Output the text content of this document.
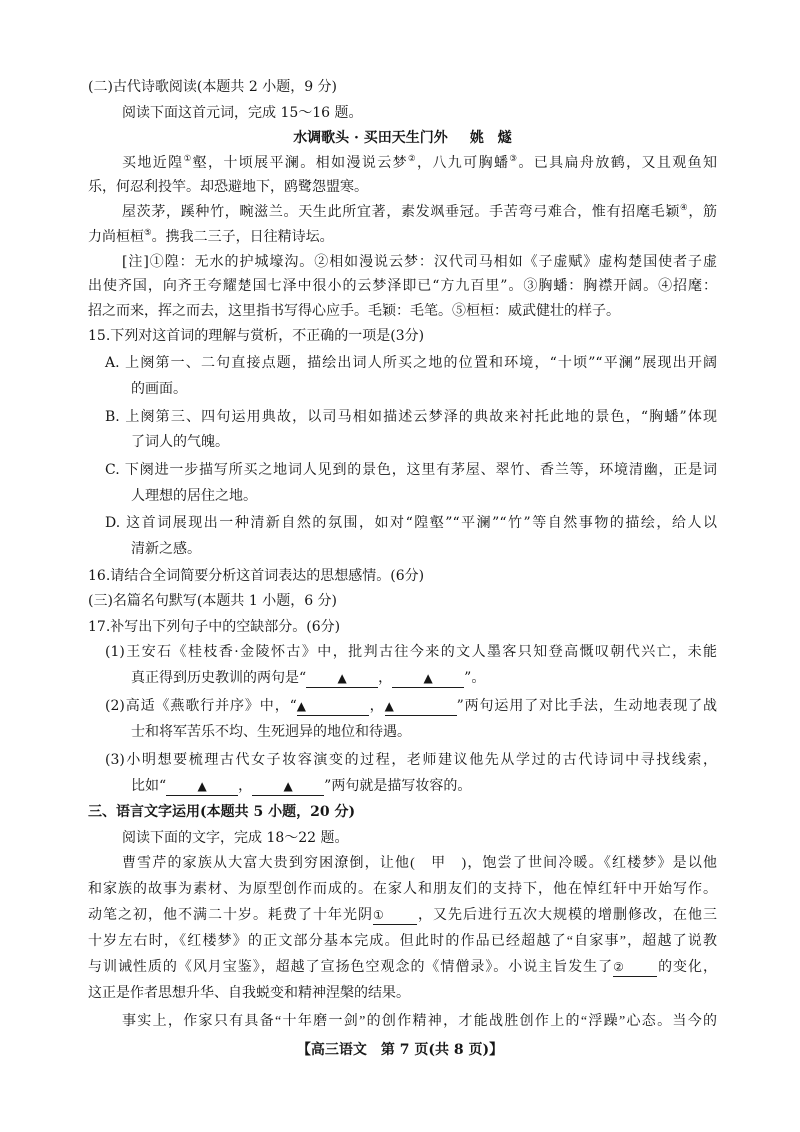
(二)古代诗歌阅读(本题共 2 小题，9 分)
阅读下面这首元词，完成 15～16 题。
水调歌头 · 买田天生门外 姚　燧
买地近隍①壑，十顷展平澜。相如漫说云梦②，八九可胸蟠③。已具扁舟放鹤，又且观鱼知
乐，何忍利投竿。却恐避地下，鸥鹭怨盟寒。
屋茨茅，蹊种竹，畹滋兰。天生此所宜著，素发飒垂冠。手苦弯弓难合，惟有招麾毛颖④，筋
力尚桓桓⑤。携我二三子，日往精诗坛。
[注]①隍：无水的护城壕沟。②相如漫说云梦：汉代司马相如《子虚赋》虚构楚国使者子虚
出使齐国，向齐王夸耀楚国七泽中很小的云梦泽即已“方九百里”。③胸蟠：胸襟开阔。④招麾：
招之而来，挥之而去，这里指书写得心应手。毛颖：毛笔。⑤桓桓：威武健壮的样子。
15.下列对这首词的理解与赏析，不正确的一项是(3分)
A. 上阕第一、二句直接点题，描绘出词人所买之地的位置和环境，“十顷”“平澜”展现出开阔
的画面。
B. 上阕第三、四句运用典故，以司马相如描述云梦泽的典故来衬托此地的景色，“胸蟠”体现
了词人的气魄。
C. 下阕进一步描写所买之地词人见到的景色，这里有茅屋、翠竹、香兰等，环境清幽，正是词
人理想的居住之地。
D. 这首词展现出一种清新自然的氛围，如对“隍壑”“平澜”“竹”等自然事物的描绘，给人以
清新之感。
16.请结合全词简要分析这首词表达的思想感情。(6分)
(三)名篇名句默写(本题共 1 小题，6 分)
17.补写出下列句子中的空缺部分。(6分)
(1)王安石《桂枝香·金陵怀古》中，批判古往今来的文人墨客只知登高慨叹朝代兴亡，未能
真正得到历史教训的两句是“	▲ ，	▲ ”。
(2)高适《燕歌行并序》中，“▲	，▲	”两句运用了对比手法，生动地表现了战
士和将军苦乐不均、生死迥异的地位和待遇。
(3)小明想要梳理古代女子妆容演变的过程，老师建议他先从学过的古代诗词中寻找线索，
比如“	▲ ，	▲ ”两句就是描写妆容的。
三、语言文字运用(本题共 5 小题，20 分)
阅读下面的文字，完成 18～22 题。
曹雪芹的家族从大富大贵到穷困潦倒，让他(　甲　)，饱尝了世间冷暖。《红楼梦》是以他
和家族的故事为素材、为原型创作而成的。在家人和朋友们的支持下，他在悼红轩中开始写作。
动笔之初，他不满二十岁。耗费了十年光阴① ，又先后进行五次大规模的增删修改，在他三
十岁左右时，《红楼梦》的正文部分基本完成。但此时的作品已经超越了“自家事”，超越了说教
与训诫性质的《风月宝鉴》，超越了宣扬色空观念的《情僧录》。小说主旨发生了② 的变化，
这正是作者思想升华、自我蜕变和精神涅槃的结果。
事实上，作家只有具备“十年磨一剑”的创作精神，才能战胜创作上的“浮躁”心态。当今的
【高三语文　第 7 页(共 8 页)】
